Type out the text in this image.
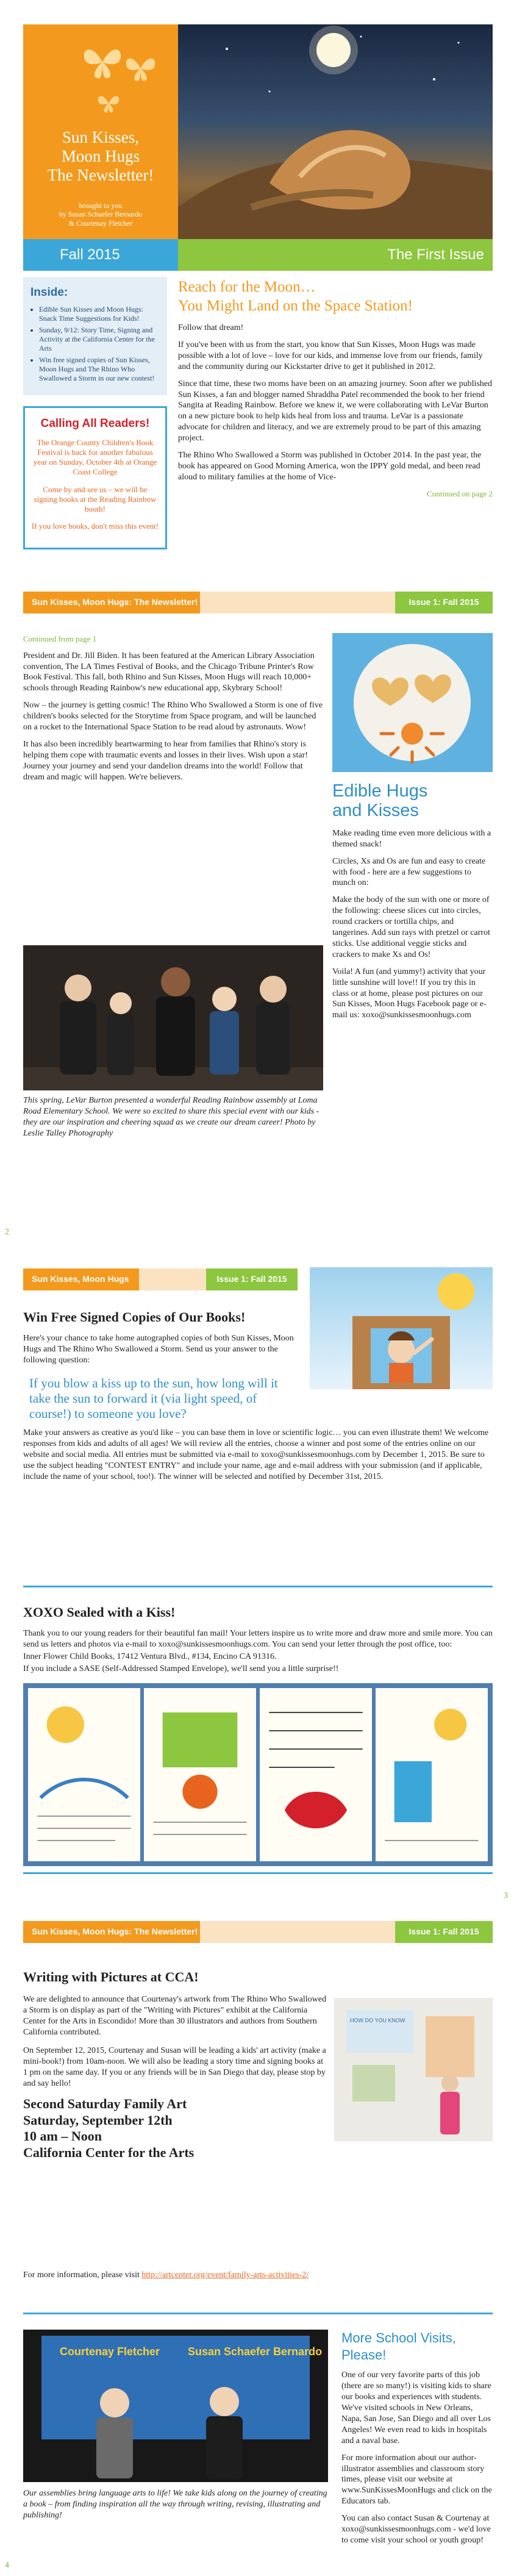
Sun Kisses,
Moon Hugs
The Newsletter!
brought to you
by Susan Schaefer Bernardo
& Courtenay Fletcher
Fall 2015	The First Issue
Inside:
• Edible Sun Kisses and Moon Hugs: Snack Time Suggestions for Kids!
• Sunday, 9/12: Story Time, Signing and Activity at the California Center for the Arts
• Win free signed copies of Sun Kisses, Moon Hugs and The Rhino Who Swallowed a Storm in our new contest!
Calling All Readers!

The Orange County Children's Book Festival is back for another fabulous year on Sunday, October 4th at Orange Coast College

Come by and see us – we will be signing books at the Reading Rainbow booth!

If you love books, don't miss this event!

Reach for the Moon…
You Might Land on the Space Station!

Follow that dream!

If you've been with us from the start, you know that Sun Kisses, Moon Hugs was made possible with a lot of love – love for our kids, and immense love from our friends, family and the community during our Kickstarter drive to get it published in 2012.

Since that time, these two moms have been on an amazing journey. Soon after we published Sun Kisses, a fan and blogger named Shraddha Patel recommended the book to her friend Sangita at Reading Rainbow. Before we knew it, we were collaborating with LeVar Burton on a new picture book to help kids heal from loss and trauma. LeVar is a passionate advocate for children and literacy, and we are extremely proud to be part of this amazing project.

The Rhino Who Swallowed a Storm was published in October 2014. In the past year, the book has appeared on Good Morning America, won the IPPY gold medal, and been read aloud to military families at the home of Vice-

Continued on page 2
Sun Kisses, Moon Hugs: The Newsletter!	Issue 1: Fall 2015
Continued from page 1

President and Dr. Jill Biden. It has been featured at the American Library Association convention, The LA Times Festival of Books, and the Chicago Tribune Printer's Row Book Festival. This fall, both Rhino and Sun Kisses, Moon Hugs will reach 10,000+ schools through Reading Rainbow's new educational app, Skybrary School!

Now – the journey is getting cosmic! The Rhino Who Swallowed a Storm is one of five children's books selected for the Storytime from Space program, and will be launched on a rocket to the International Space Station to be read aloud by astronauts. Wow!

It has also been incredibly heartwarming to hear from families that Rhino's story is helping them cope with traumatic events and losses in their lives. Wish upon a star! Journey your journey and send your dandelion dreams into the world! Follow that dream and magic will happen. We're believers.

Edible Hugs
and Kisses

Make reading time even more delicious with a themed snack!

Circles, Xs and Os are fun and easy to create with food - here are a few suggestions to munch on:

Make the body of the sun with one or more of the following: cheese slices cut into circles, round crackers or tortilla chips, and tangerines. Add sun rays with pretzel or carrot sticks. Use additional veggie sticks and crackers to make Xs and Os!

Voila! A fun (and yummy!) activity that your little sunshine will love!! If you try this in class or at home, please post pictures on our Sun Kisses, Moon Hugs Facebook page or e-mail us: xoxo@sunkissesmoonhugs.com

This spring, LeVar Burton presented a wonderful Reading Rainbow assembly at Loma Road Elementary School. We were so excited to share this special event with our kids - they are our inspiration and cheering squad as we create our dream career! Photo by Leslie Talley Photography
2
Sun Kisses, Moon Hugs	Issue 1: Fall 2015
Win Free Signed Copies of Our Books!

Here's your chance to take home autographed copies of both Sun Kisses, Moon Hugs and The Rhino Who Swallowed a Storm. Send us your answer to the following question:

If you blow a kiss up to the sun, how long will it take the sun to forward it (via light speed, of course!) to someone you love?

Make your answers as creative as you'd like – you can base them in love or scientific logic… you can even illustrate them! We welcome responses from kids and adults of all ages! We will review all the entries, choose a winner and post some of the entries online on our website and social media. All entries must be submitted via e-mail to xoxo@sunkissesmoonhugs.com by December 1, 2015. Be sure to use the subject heading "CONTEST ENTRY" and include your name, age and e-mail address with your submission (and if applicable, include the name of your school, too!). The winner will be selected and notified by December 31st, 2015.

XOXO Sealed with a Kiss!

Thank you to our young readers for their beautiful fan mail! Your letters inspire us to write more and draw more and smile more. You can send us letters and photos via e-mail to xoxo@sunkissesmoonhugs.com. You can send your letter through the post office, too:

Inner Flower Child Books, 17412 Ventura Blvd., #134, Encino CA 91316.

If you include a SASE (Self-Addressed Stamped Envelope), we'll send you a little surprise!!

3
Sun Kisses, Moon Hugs: The Newsletter!	Issue 1: Fall 2015
Writing with Pictures at CCA!

We are delighted to announce that Courtenay's artwork from The Rhino Who Swallowed a Storm is on display as part of the "Writing with Pictures" exhibit at the California Center for the Arts in Escondido! More than 30 illustrators and authors from Southern California contributed.

On September 12, 2015, Courtenay and Susan will be leading a kids' art activity (make a mini-book!) from 10am-noon. We will also be leading a story time and signing books at 1 pm on the same day. If you or any friends will be in San Diego that day, please stop by and say hello!

Second Saturday Family Art
Saturday, September 12th
10 am – Noon
California Center for the Arts
HOW DO YOU KNOW
For more information, please visit http://artcenter.org/event/family-arts-activities-2/
Courtenay Fletcher	Susan Schaefer Bernardo
Our assemblies bring language arts to life! We take kids along on the journey of creating a book – from finding inspiration all the way through writing, revising, illustrating and publishing!
More School Visits, Please!

One of our very favorite parts of this job (there are so many!) is visiting kids to share our books and experiences with students. We've visited schools in New Orleans, Napa, San Jose, San Diego and all over Los Angeles! We even read to kids in hospitals and a naval base.

For more information about our author-illustrator assemblies and classroom story times, please visit our website at www.SunKissesMoonHugs and click on the Educators tab.

You can also contact Susan & Courtenay at xoxo@sunkissesmoonhugs.com - we'd love to come visit your school or youth group!

4
